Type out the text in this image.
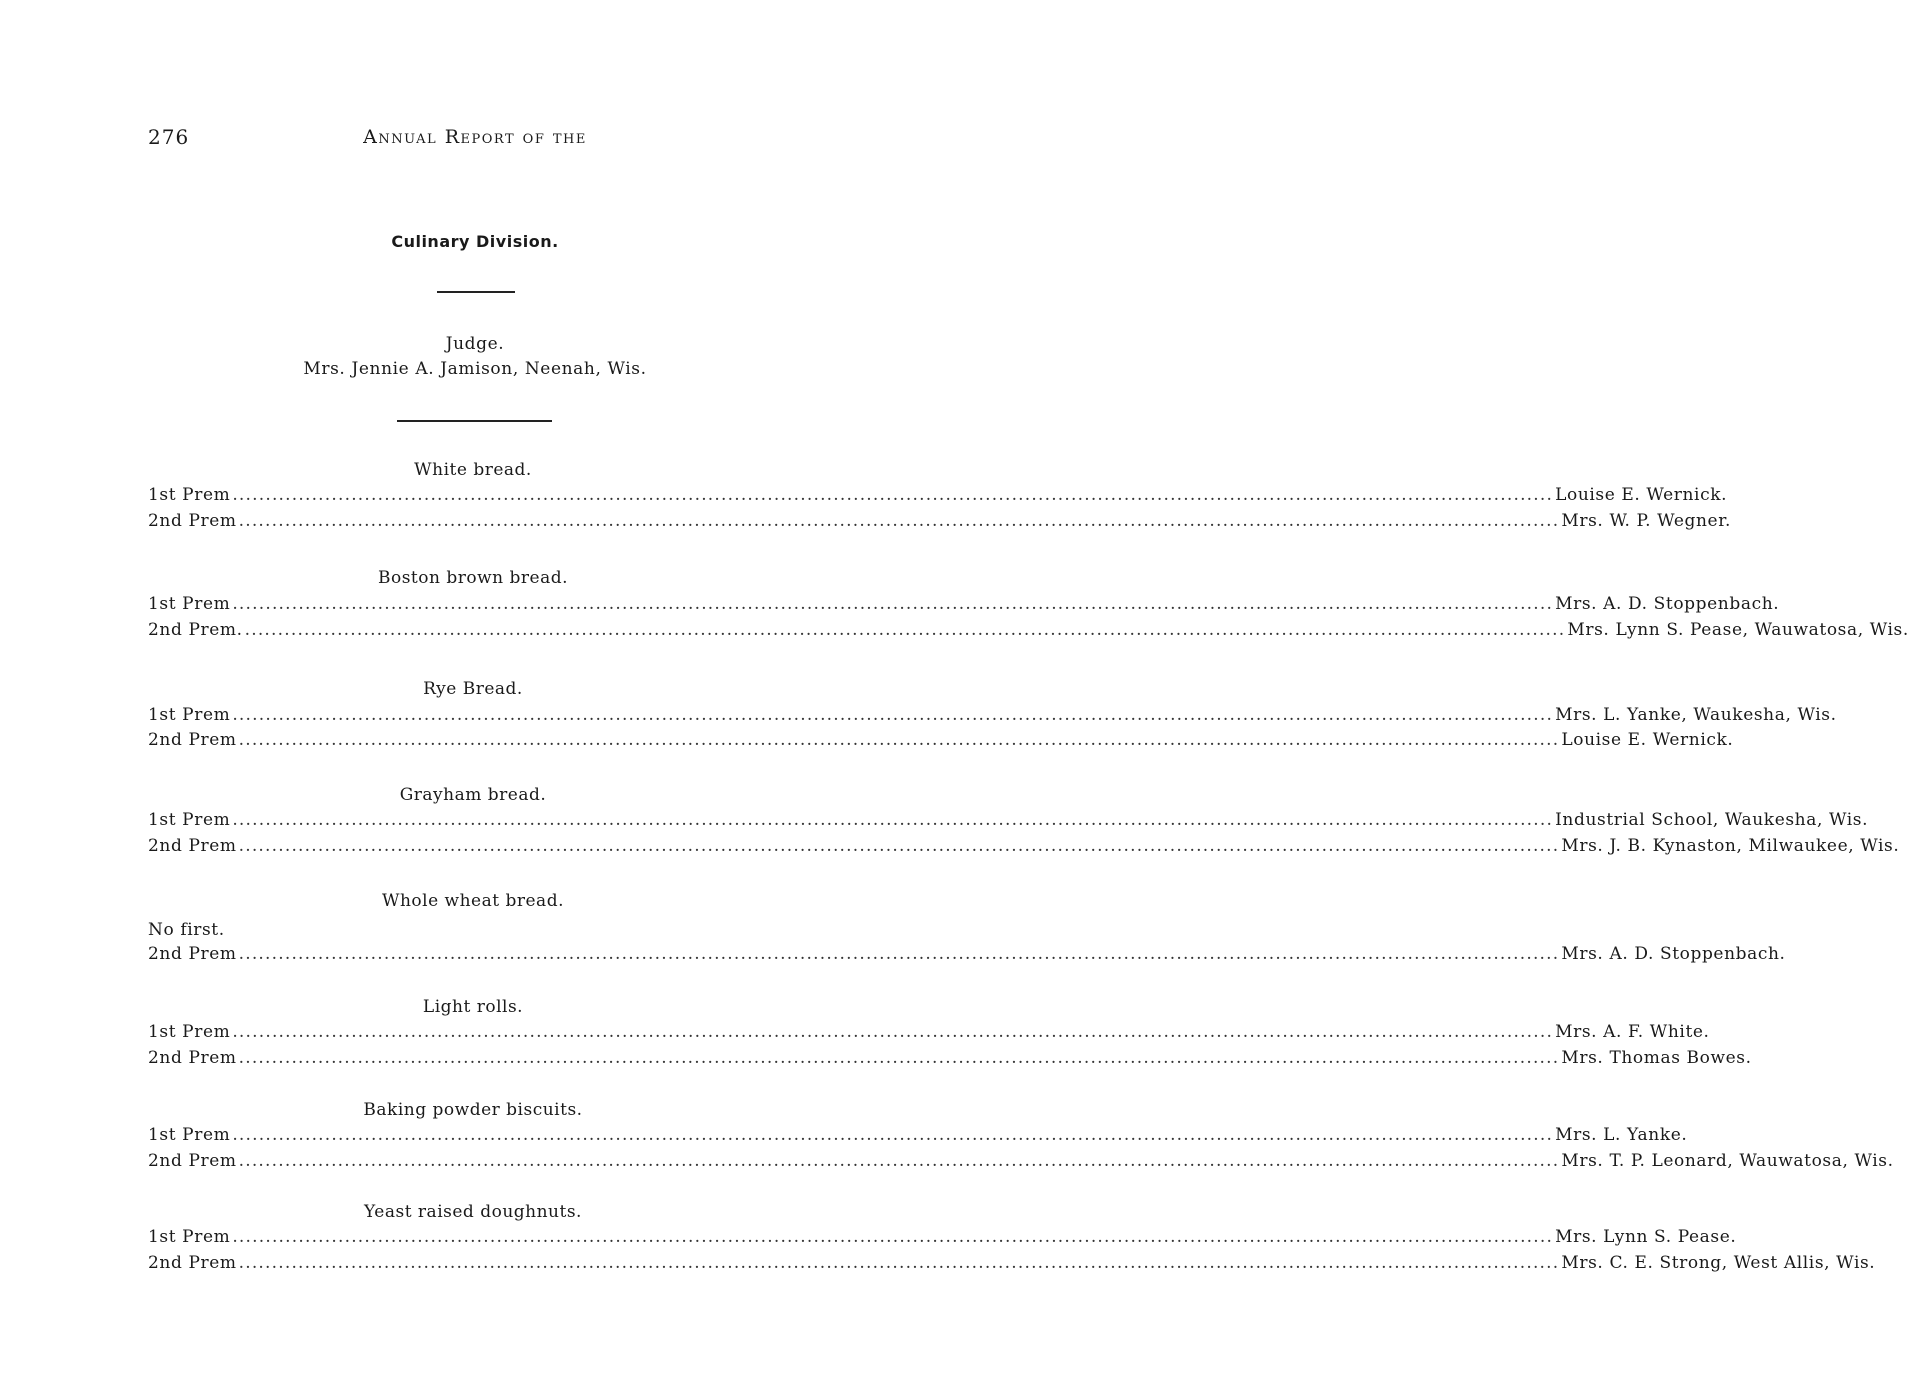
276	Annual Report of the
Culinary Division.
Judge.
Mrs. Jennie A. Jamison, Neenah, Wis.
White bread.
1st Prem ........................................................................................................................................................................................................ Louise E. Wernick.
2nd Prem ........................................................................................................................................................................................................ Mrs. W. P. Wegner.
Boston brown bread.
1st Prem ........................................................................................................................................................................................................ Mrs. A. D. Stoppenbach.
2nd Prem. ........................................................................................................................................................................................................ Mrs. Lynn S. Pease, Wauwatosa, Wis.
Rye Bread.
1st Prem ........................................................................................................................................................................................................ Mrs. L. Yanke, Waukesha, Wis.
2nd Prem ........................................................................................................................................................................................................ Louise E. Wernick.
Grayham bread.
1st Prem ........................................................................................................................................................................................................ Industrial School, Waukesha, Wis.
2nd Prem ........................................................................................................................................................................................................ Mrs. J. B. Kynaston, Milwaukee, Wis.
Whole wheat bread.
No first.
2nd Prem ........................................................................................................................................................................................................ Mrs. A. D. Stoppenbach.
Light rolls.
1st Prem ........................................................................................................................................................................................................ Mrs. A. F. White.
2nd Prem ........................................................................................................................................................................................................ Mrs. Thomas Bowes.
Baking powder biscuits.
1st Prem ........................................................................................................................................................................................................ Mrs. L. Yanke.
2nd Prem ........................................................................................................................................................................................................ Mrs. T. P. Leonard, Wauwatosa, Wis.
Yeast raised doughnuts.
1st Prem ........................................................................................................................................................................................................ Mrs. Lynn S. Pease.
2nd Prem ........................................................................................................................................................................................................ Mrs. C. E. Strong, West Allis, Wis.
